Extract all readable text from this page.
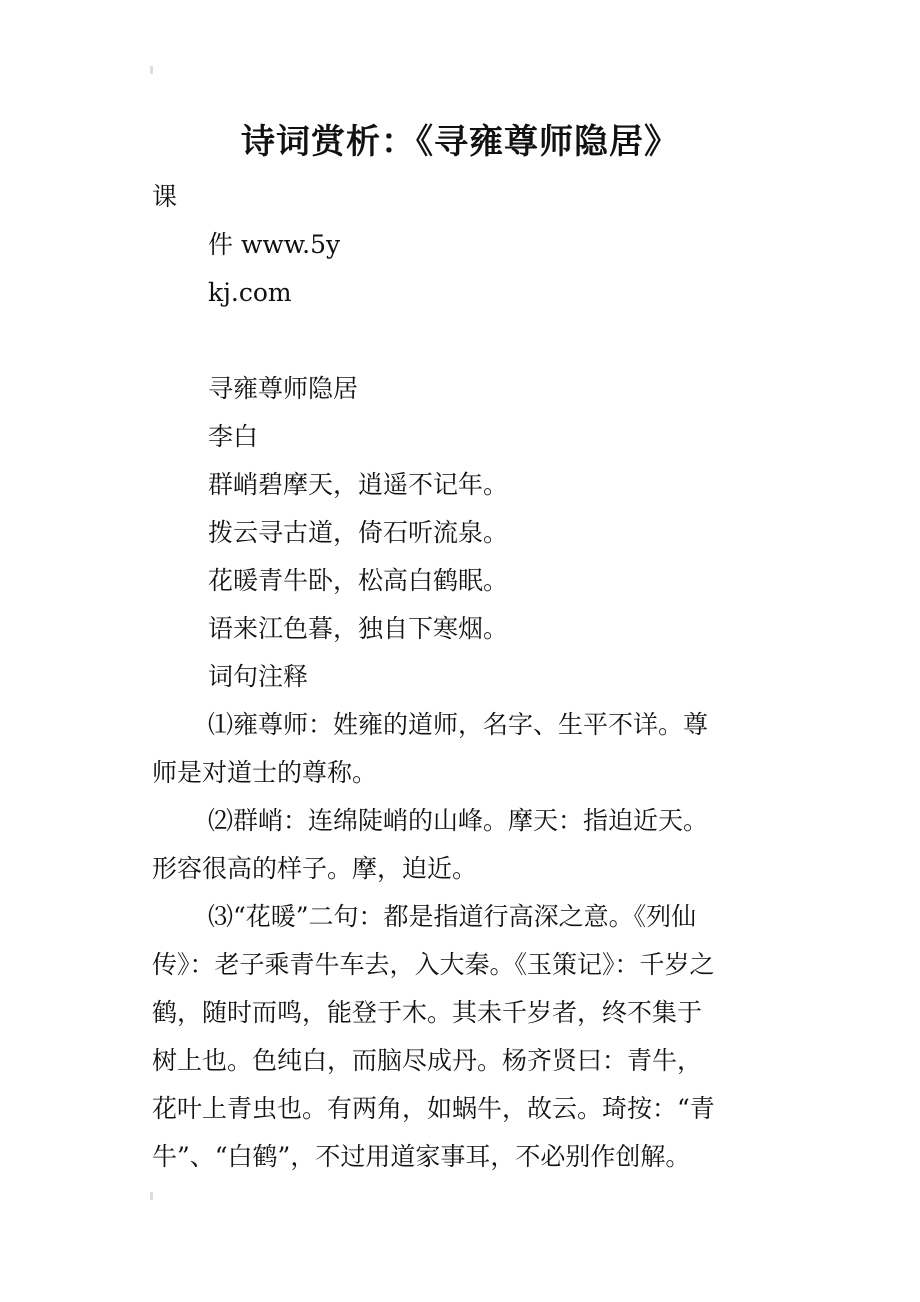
诗词赏析：《寻雍尊师隐居》
课
件 www.5y
kj.com
寻雍尊师隐居
李白
群峭碧摩天，逍遥不记年。
拨云寻古道，倚石听流泉。
花暖青牛卧，松高白鹤眠。
语来江色暮，独自下寒烟。
词句注释
⑴雍尊师：姓雍的道师，名字、生平不详。尊
师是对道士的尊称。
⑵群峭：连绵陡峭的山峰。摩天：指迫近天。
形容很高的样子。摩，迫近。
⑶“花暖”二句：都是指道行高深之意。《列仙
传》：老子乘青牛车去，入大秦。《玉策记》：千岁之
鹤，随时而鸣，能登于木。其未千岁者，终不集于
树上也。色纯白，而脑尽成丹。杨齐贤曰：青牛，
花叶上青虫也。有两角，如蜗牛，故云。琦按：“青
牛”、“白鹤”，不过用道家事耳，不必别作创解。
